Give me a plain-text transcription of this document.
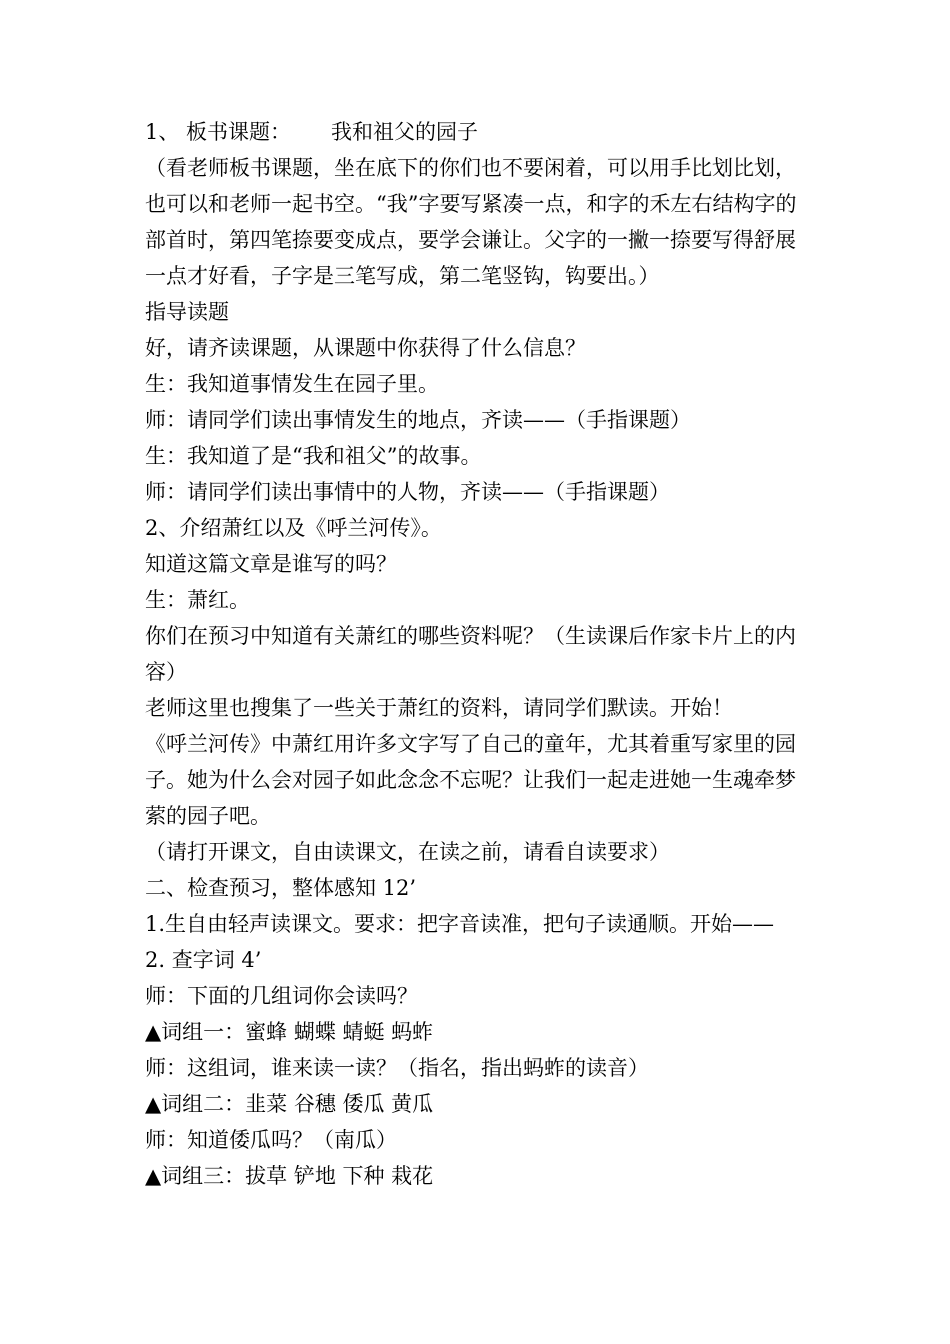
1、 板书课题： 我和祖父的园子

（看老师板书课题，坐在底下的你们也不要闲着，可以用手比划比划，也可以和老师一起书空。“我”字要写紧凑一点，和字的禾左右结构字的部首时，第四笔捺要变成点，要学会谦让。父字的一撇一捺要写得舒展一点才好看，子字是三笔写成，第二笔竖钩，钩要出。）

指导读题

好，请齐读课题，从课题中你获得了什么信息？

生：我知道事情发生在园子里。

师：请同学们读出事情发生的地点，齐读——（手指课题）

生：我知道了是“我和祖父”的故事。

师：请同学们读出事情中的人物，齐读——（手指课题）

2、介绍萧红以及《呼兰河传》。

知道这篇文章是谁写的吗？

生：萧红。

你们在预习中知道有关萧红的哪些资料呢？（生读课后作家卡片上的内容）

老师这里也搜集了一些关于萧红的资料，请同学们默读。开始！

《呼兰河传》中萧红用许多文字写了自己的童年，尤其着重写家里的园子。她为什么会对园子如此念念不忘呢？让我们一起走进她一生魂牵梦萦的园子吧。

（请打开课文，自由读课文，在读之前，请看自读要求）

二、检查预习，整体感知 12’

1.生自由轻声读课文。要求：把字音读准，把句子读通顺。开始——

2. 查字词 4’

师：下面的几组词你会读吗？

▲词组一：蜜蜂 蝴蝶 蜻蜓 蚂蚱

师：这组词，谁来读一读？（指名，指出蚂蚱的读音）

▲词组二：韭菜 谷穗 倭瓜 黄瓜

师：知道倭瓜吗？（南瓜）

▲词组三：拔草 铲地 下种 栽花
